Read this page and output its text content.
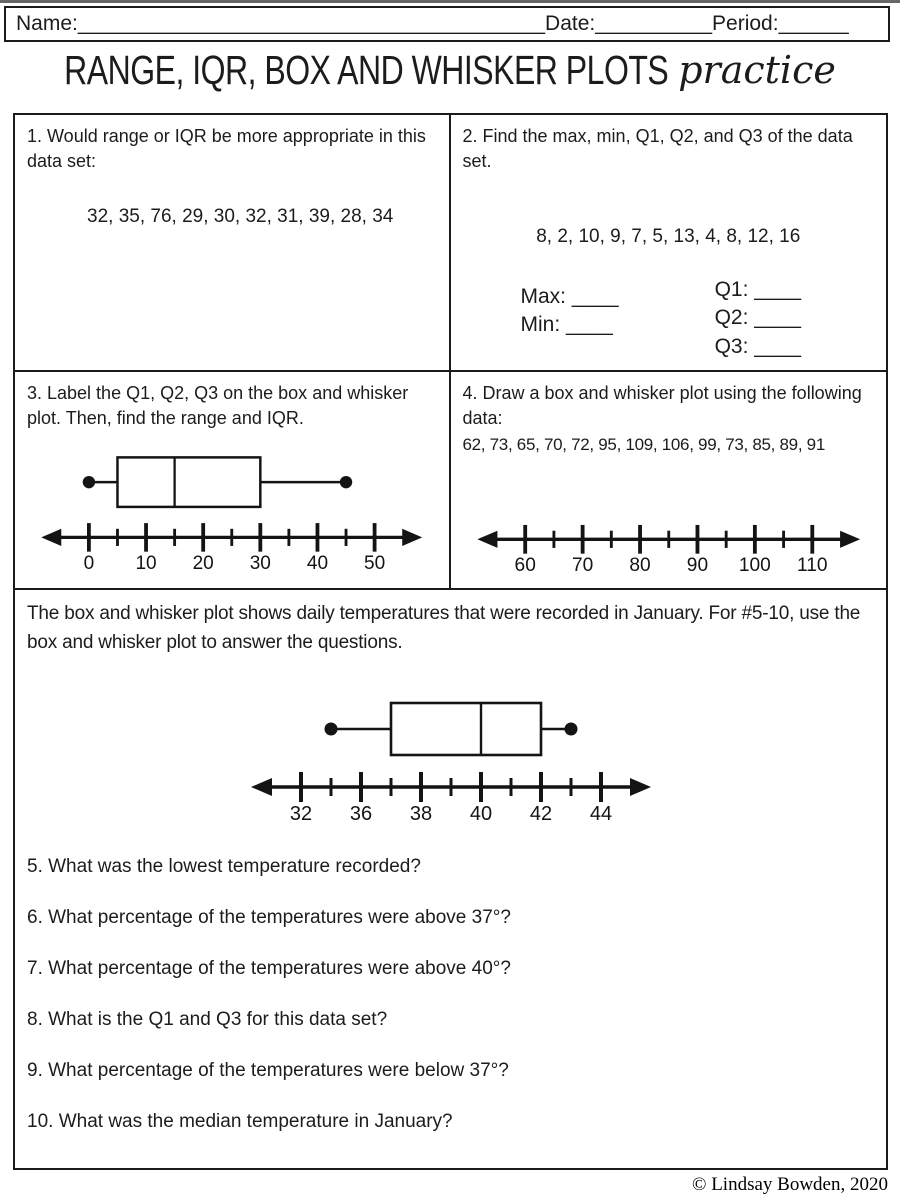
Name: ________________________________________ Date: __________ Period: ______
RANGE, IQR, BOX AND WHISKER PLOTS practice

1. Would range or IQR be more appropriate in this data set:

32, 35, 76, 29, 30, 32, 31, 39, 28, 34

2. Find the max, min, Q1, Q2, and Q3 of the data set.

8, 2, 10, 9, 7, 5, 13, 4, 8, 12, 16
Max: ____
Min: ____
Q1: ____
Q2: ____
Q3: ____

3. Label the Q1, Q2, Q3 on the box and whisker plot. Then, find the range and IQR.

0 10 20 30 40 50

4. Draw a box and whisker plot using the following data:

62, 73, 65, 70, 72, 95, 109, 106, 99, 73, 85, 89, 91
60 70 80 90 100 110

The box and whisker plot shows daily temperatures that were recorded in January. For #5-10, use the box and whisker plot to answer the questions.

32 36 38 40 42 44

5. What was the lowest temperature recorded?

6. What percentage of the temperatures were above 37°?

7. What percentage of the temperatures were above 40°?

8. What is the Q1 and Q3 for this data set?

9. What percentage of the temperatures were below 37°?

10. What was the median temperature in January?

© Lindsay Bowden, 2020
